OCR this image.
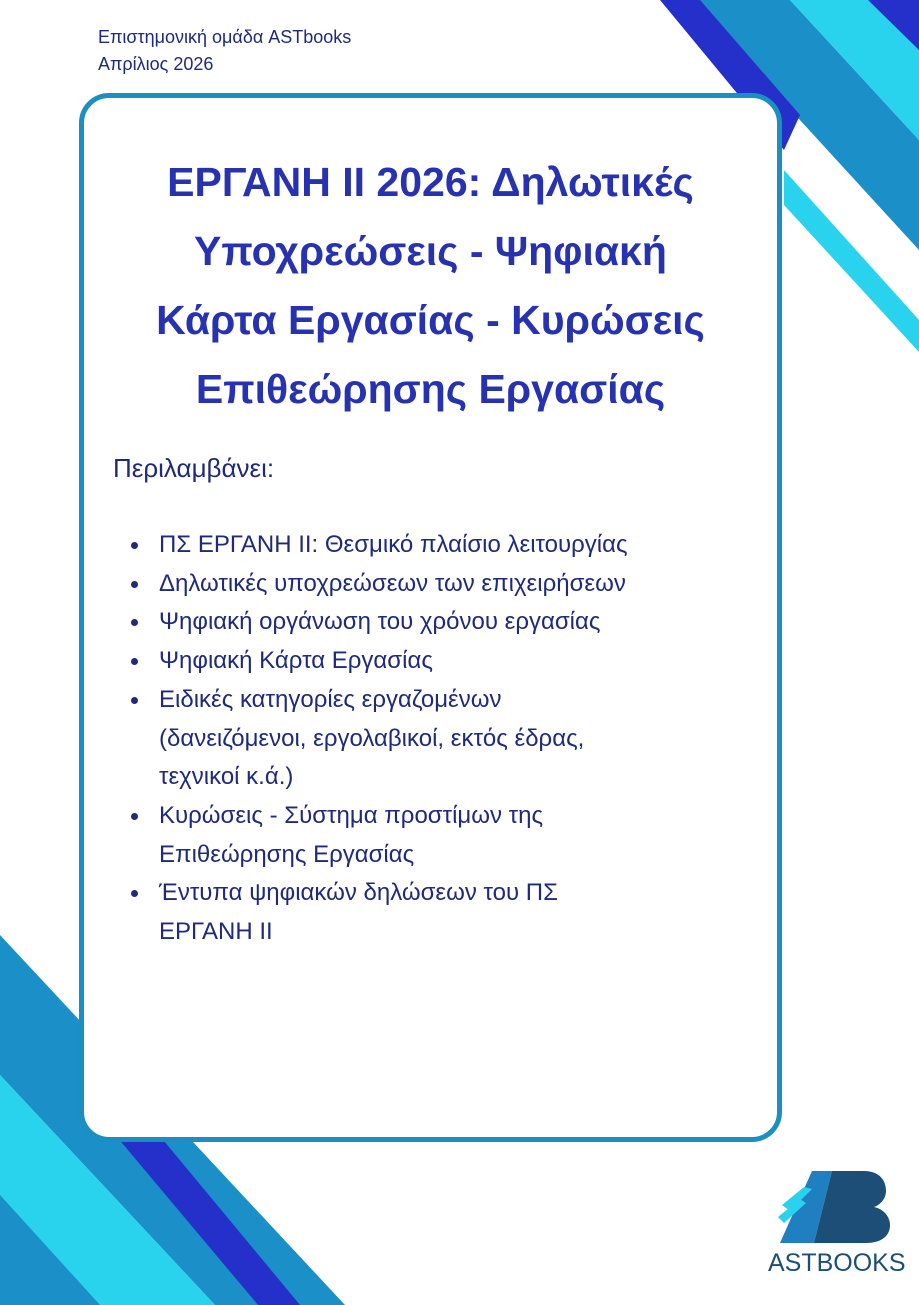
Επιστημονική ομάδα ASTbooks
Απρίλιος 2026
ΕΡΓΑΝΗ ΙΙ 2026: Δηλωτικές
Υποχρεώσεις - Ψηφιακή
Κάρτα Εργασίας - Κυρώσεις
Επιθεώρησης Εργασίας
Περιλαμβάνει:
ΠΣ ΕΡΓΑΝΗ ΙΙ: Θεσμικό πλαίσιο λειτουργίας
Δηλωτικές υποχρεώσεων των επιχειρήσεων
Ψηφιακή οργάνωση του χρόνου εργασίας
Ψηφιακή Κάρτα Εργασίας
Ειδικές κατηγορίες εργαζομένων
(δανειζόμενοι, εργολαβικοί, εκτός έδρας,
τεχνικοί κ.ά.)
Κυρώσεις - Σύστημα προστίμων της
Επιθεώρησης Εργασίας
Έντυπα ψηφιακών δηλώσεων του ΠΣ
ΕΡΓΑΝΗ ΙΙ
ASTBOOKS
